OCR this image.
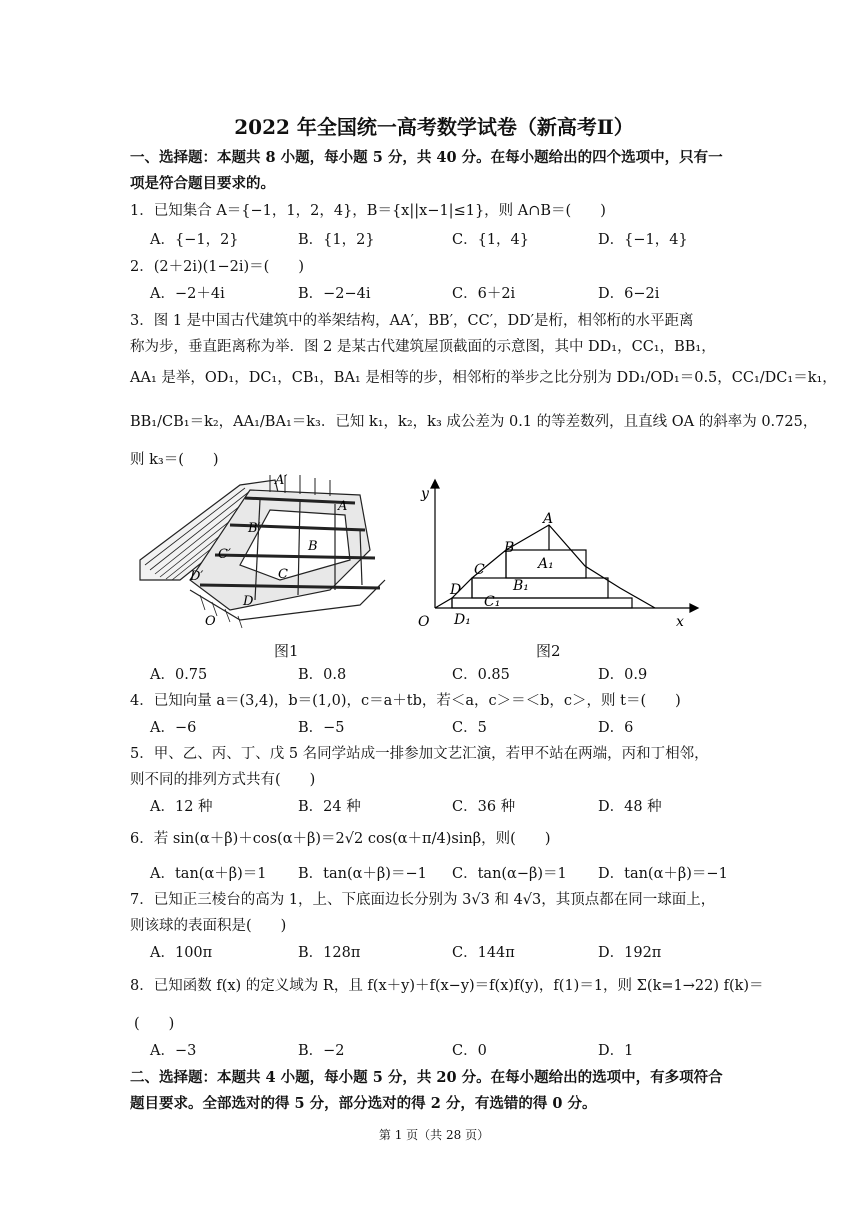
2022 年全国统一高考数学试卷（新高考Ⅱ）
一、选择题：本题共 8 小题，每小题 5 分，共 40 分。在每小题给出的四个选项中，只有一
项是符合题目要求的。
1．已知集合 A＝{−1，1，2，4}，B＝{x||x−1|≤1}，则 A∩B＝(　　)
A．{−1，2}	B．{1，2}	C．{1，4}	D．{−1，4}
2．(2＋2i)(1−2i)＝(　　)
A．−2＋4i	B．−2−4i	C．6＋2i	D．6−2i
3．图 1 是中国古代建筑中的举架结构，AA′，BB′，CC′，DD′是桁，相邻桁的水平距离
称为步，垂直距离称为举．图 2 是某古代建筑屋顶截面的示意图，其中 DD₁，CC₁，BB₁，
AA₁ 是举，OD₁，DC₁，CB₁，BA₁ 是相等的步，相邻桁的举步之比分别为 DD₁/OD₁＝0.5，CC₁/DC₁＝k₁，
BB₁/CB₁＝k₂，AA₁/BA₁＝k₃．已知 k₁，k₂，k₃ 成公差为 0.1 的等差数列，且直线 OA 的斜率为 0.725，
则 k₃＝(　　)
A′
A
B′
B
C′
C
D′
D
O
图1
y
x
O
A
B
C
D
A₁
B₁
C₁
D₁
图2
A．0.75	B．0.8	C．0.85	D．0.9
4．已知向量 a＝(3,4)，b＝(1,0)，c＝a＋tb，若＜a，c＞＝＜b，c＞，则 t＝(　　)
A．−6	B．−5	C．5	D．6
5．甲、乙、丙、丁、戊 5 名同学站成一排参加文艺汇演，若甲不站在两端，丙和丁相邻，
则不同的排列方式共有(　　)
A．12 种	B．24 种	C．36 种	D．48 种
6．若 sin(α＋β)＋cos(α＋β)＝2√2 cos(α＋π/4)sinβ，则(　　)
A．tan(α＋β)＝1 B．tan(α＋β)＝−1 C．tan(α−β)＝1 D．tan(α＋β)＝−1
7．已知正三棱台的高为 1，上、下底面边长分别为 3√3 和 4√3，其顶点都在同一球面上，
则该球的表面积是(　　)
A．100π	B．128π	C．144π	D．192π
8．已知函数 f(x) 的定义域为 R，且 f(x＋y)＋f(x−y)＝f(x)f(y)，f(1)＝1，则 Σ(k=1→22) f(k)＝
(　　)
A．−3	B．−2	C．0	D．1
二、选择题：本题共 4 小题，每小题 5 分，共 20 分。在每小题给出的选项中，有多项符合
题目要求。全部选对的得 5 分，部分选对的得 2 分，有选错的得 0 分。
第 1 页（共 28 页）
